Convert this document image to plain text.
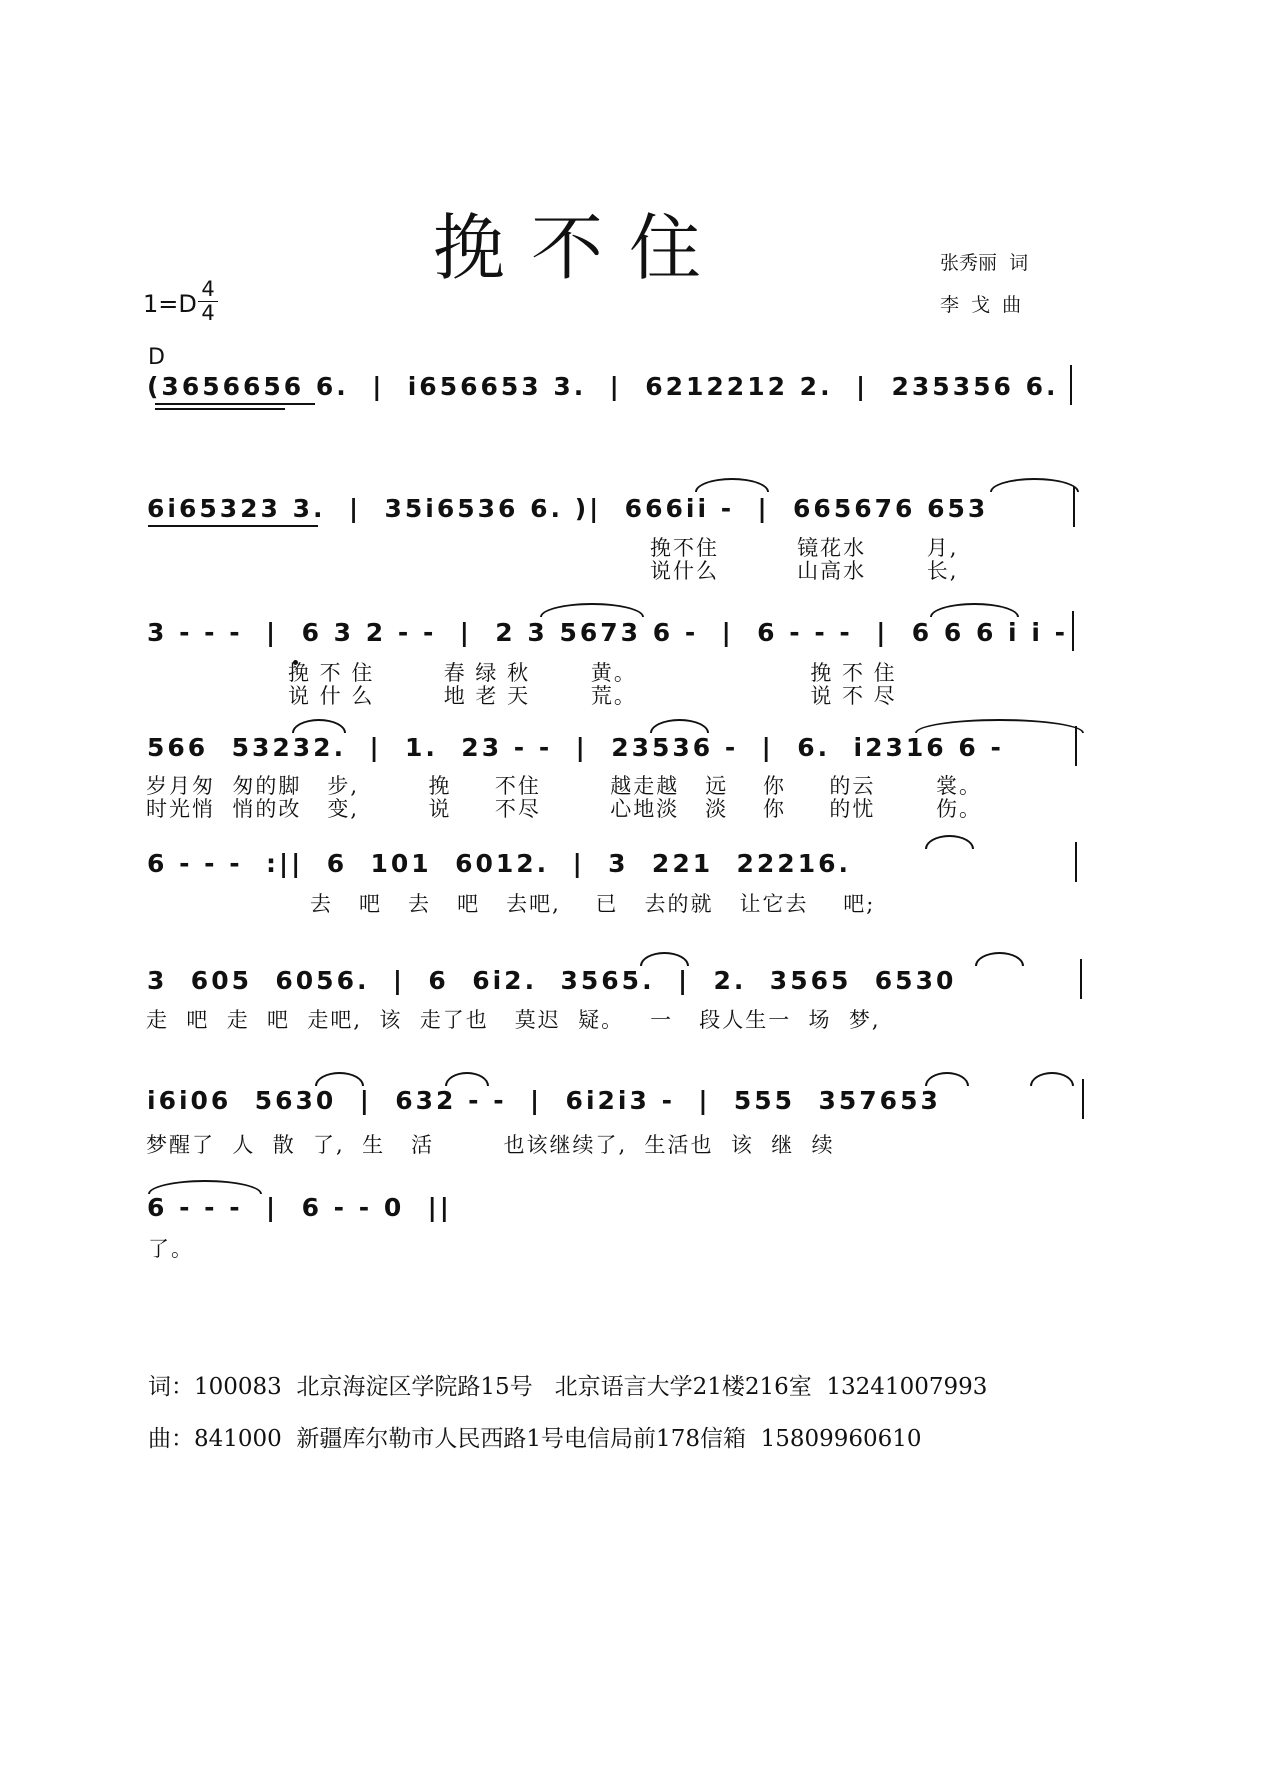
挽不住	张秀丽  词
李  戈  曲
1=D
4
4
D
(3656656 6.  |  i656653 3.  |  6212212 2.  |  235356 6.
6i65323 3.  |  35i6536 6. )|  666ii -  |  665676 653
挽不住         镜花水       月,
说什么         山高水       长,
3 - - -  |  6 3 2 - -  |  2 3 5673 6 -  |  6 - - -  |  6 6 6 i i -
挽 不 住        春 绿 秋       黄。                    挽 不 住
说 什 么        地 老 天       荒。                    说 不 尽
566  53232.  |  1.  23 - -  |  23536 -  |  6.  i2316 6 -
岁月匆  匆的脚   步,        挽     不住        越走越   远    你     的云       裳。
时光悄  悄的改   变,        说     不尽        心地淡   淡    你     的忧       伤。
6 - - -  :||  6  101  6012.  |  3  221  22216.
去   吧   去   吧   去吧,    已   去的就   让它去    吧;
3  605  6056.  |  6  6i2.  3565.  |  2.  3565  6530
走  吧  走  吧  走吧,  该  走了也   莫迟  疑。   一   段人生一  场  梦,
i6i06  5630  |  632 - -  |  6i2i3 -  |  555  357653
梦醒了  人  散  了,  生   活        也该继续了,  生活也  该  继  续
6 - - -  |  6 - - 0  ||
了。
词：100083  北京海淀区学院路15号   北京语言大学21楼216室  13241007993
曲：841000  新疆库尔勒市人民西路1号电信局前178信箱  15809960610
